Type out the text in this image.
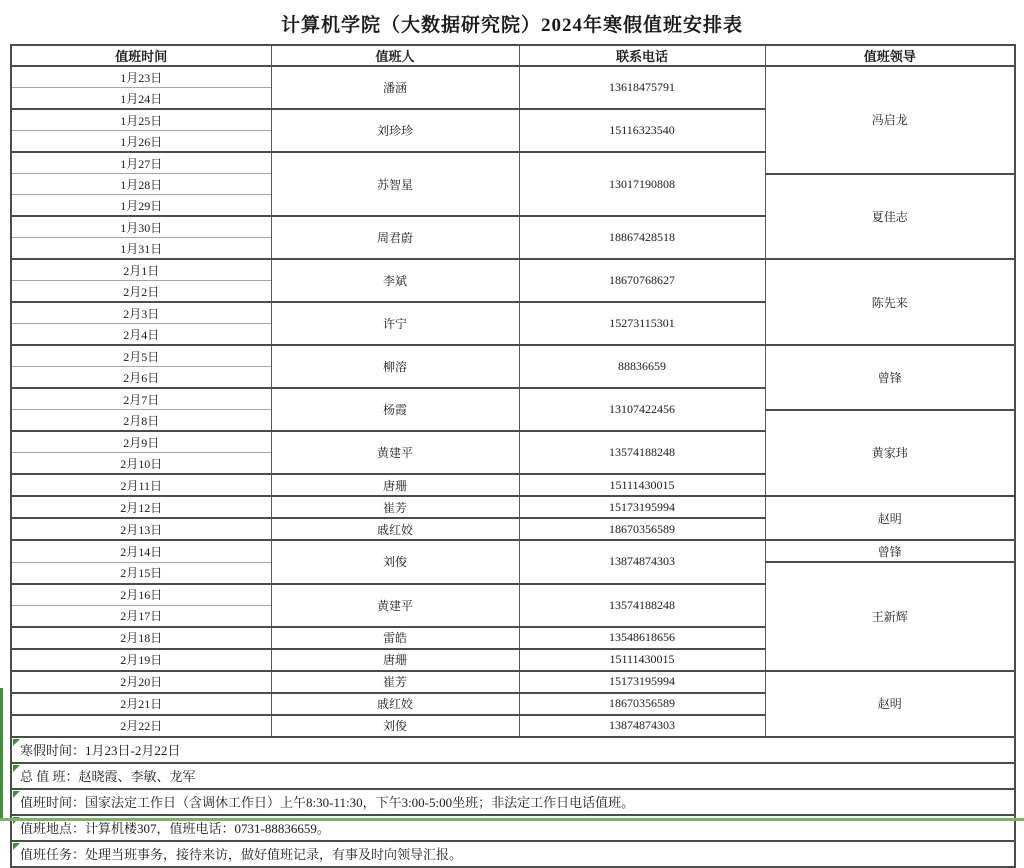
计算机学院（大数据研究院）2024年寒假值班安排表
值班时间	值班人	联系电话	值班领导
1月23日	潘涵	13618475791	冯启龙
1月24日			
1月25日	刘珍珍	15116323540	
1月26日			
1月27日	苏智星	13017190808	
1月28日			夏佳志
1月29日			
1月30日	周君蔚	18867428518	
1月31日			
2月1日	李斌	18670768627	陈先来
2月2日			
2月3日	许宁	15273115301	
2月4日			
2月5日	柳溶	88836659	曾锋
2月6日			
2月7日	杨霞	13107422456	
2月8日			黄家玮
2月9日	黄建平	13574188248	
2月10日			
2月11日	唐珊	15111430015	
2月12日	崔芳	15173195994	赵明
2月13日	戚红姣	18670356589	
2月14日	刘俊	13874874303	曾锋
2月15日			王新辉
2月16日	黄建平	13574188248	
2月17日			
2月18日	雷皓	13548618656	
2月19日	唐珊	15111430015	
2月20日	崔芳	15173195994	赵明
2月21日	戚红姣	18670356589	
2月22日	刘俊	13874874303	

寒假时间：1月23日-2月22日			

总 值 班：赵晓霞、李敏、龙军			

值班时间：国家法定工作日（含调休工作日）上午8:30-11:30，下午3:00-5:00坐班；非法定工作日电话值班。			

值班地点：计算机楼307，值班电话：0731-88836659。			

值班任务：处理当班事务，接待来访，做好值班记录，有事及时向领导汇报。			
